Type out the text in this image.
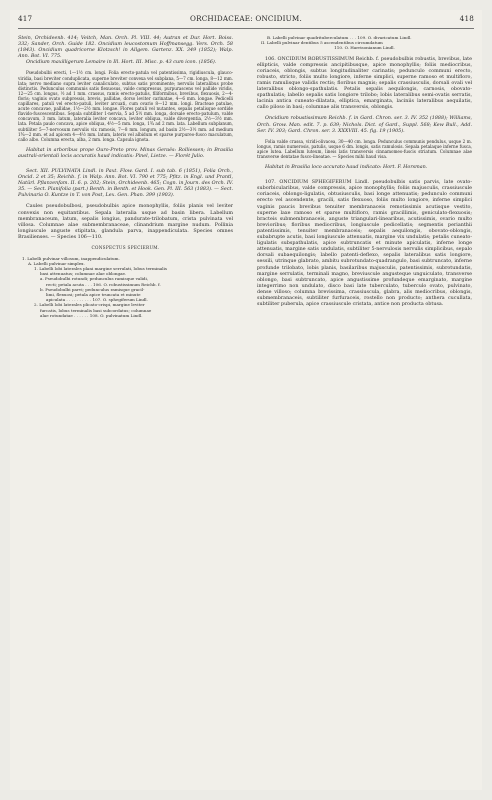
417	ORCHIDACEAE: ONCIDIUM.	418

Stein, Orchideenb. 414; Veitch, Man. Orch. Pl. VIII. 44; Autran et Dur. Hort. Boiss. 332; Sander, Orch. Guide 182. Oncidium leucostomum Hoffmansegg. Vers. Orch. 58 (1843). Oncidium quadricorne Klotzsch! in Allgem. Gartenz. XX. 349 (1852); Walp. Ann. Bot. VI. 775.

Oncidium maxilligerum Lemaire in Ill. Hort. III. Misc. p. 43 cum icon. (1856).

Pseudobulbi erecti, 1—1½ cm. longi. Folia erecto-patula vel patentissima, rigidiuscula, glauco-viridia, basi breviter conduplicata, superne breviter convexa vel subplana, 5—7 cm. longa, 8—12 mm. lata; nervo mediano supra leviter canaliculato, subtus satis prominente; nervulis lateralibus probe distinctis. Pedunculus communis satis flexuosus, valde compressus, purpurascens vel pallide viridis, 12—25 cm. longus, ½ ad 1 mm. crassus, ramis erecto-patulis, filiformibus, brevibus, flexuosis, 2—4-floris; vaginis ovato subpressis, brevis, pallidae, dorso leviter carinatae, 4—6 mm. longae. Pedicelli capillares, patuli vel erecto-patuli, leviter arcuati, cum ovario 8—12 mm. longi. Bracteae patulae, acute concavae, pallidae, 1½—2½ mm. longae. Flores patuli vel nutantes, sepalis petalisque sordide flavido-fuscescentibus. Sepala subtiliter 1-nervia, 5 ad 5½ mm. longa, dorsale erecto-patulum, valde concavum, 3 mm. latum, lateralia leviter concava, leviter obliqua, valde divergentia, 2½—3½ mm. lata. Petala paulo concava, apice obliqua, 4½—5 mm. longa, 1¾ ad 2 mm. lata. Labellum subplanum, subtiliter 5—7-nervosum nervulis vix ramosis, 7—8 mm. longum, ad basin 2½—3½ mm. ad medium 1¾—2 mm. et ad apicem 4—4½ mm. latum, lateris vel albidum et sparse purpureo-fusco maculatum, callo albo. Columna erecta, alba, 2 mm. longa. Capsula ignota.

Habitat in arboribus prope Ouro-Preto prov. Minas Geraës: Rolliessen; in Brasilia australi-orientali locis accuratis haud indicatis: Pinel, Lietze. — Florét Julio.

Sect. XII. PULVINATA Lindl. in Paxt. Flow. Gard. I. sub tab. 6 (1851), Folia Orch., Oncid. 2 et 35; Reichb. f. in Walp. Ann. Bot. VI. 790 et 775; Pfitz. in Engl. und Prantl, Natürl. Pflanzenfam. II. 6. p. 202; Stein, Orchideenb. 465; Cogn. in Journ. des Orch. IV. 35. — Sect. Planifolia (part.) Benth. in Benth. et Hook. Gen. Pl. III. 563 (1883). — Sect. Pulvinaria O. Kuntze in T. von Post, Lex. Gen. Phan. 399 (1903).

Caules pseudobulbosi, pseudobulbis apice monophyllis, foliis planis vel leviter convexis non equitantibus. Sepala lateralia usque ad basin libera. Labellum membranaceum, latum, sepalis longius, pandurate-trilobatum, crista pulvinata vel villosa. Columnae alae submembranaceae, clinandrium margine nudum. Pollinia longiuscule anguste stipitata, glandula parva, inappendiculata. Species omnes Brasilienses. — Species 106—110.

CONSPECTUS SPECIERUM.

1. Labelli pulvinar villosum, inappendiculatum.
A. Labelli pulvinar simplex.
1. Labelli lobi laterales plani margine serrulati, lobus terminalis
basi attenuatus; columnae alae oblongae.
a. Pseudobulbi rotundi; pedunculus ramisque validi,
recti; petala acuta . . . 106. O. robustissimum Reichb. f.
b. Pseudobulbi parvi; pedunculus ramisque gracil-
limi, flexuosi; petala apice truncata et minute
apiculata . . . . . . . . . . 107. O. sphegiferum Lindl.
2. Labelli lobi laterales plicato-crispi, margine leviter
furcatis, lobus terminalis basi subcordatus; columnae
alae rotundatae . . . . . . 108. O. pulvinatum Lindl.
B. Labelli pulvinar quadrituberculatum . . . 109. O. divaricatum Lindl.
II. Labelli pulvinar dentibus 5 ascendentibus circumdatum
110. O. Harrisonianum Lindl.

106. ONCIDIUM ROBUSTISSIMUM Reichb. f. pseudobulbis robustis, brevibus, late ellipticis, valde compressis ancipitibusque, apice monophyllis; foliis mediocribus, coriaceis, oblongis, subtus longitudinaliter carinatis; pedunculo communi erecto, robusto, stricto, foliis multo longiore, inferne simplici, superne ramoso et multifloro, ramis ramulisque validis rectis; floribus magnis; sepalis crassiusculis, dorsali ovali vel lateralibus oblongo-spathulatis. Petalis sepalis aequilongis, carnosis, obovato-spathulatis; labello sepalis satis longiore trilobo; lobis lateralibus semi-ovatis serratis, lacinia antica cuneato-dilatata, elliptica, emarginata, laciniis lateralibus aequilatis, callo piloso in basi; columnae alis transversis, oblongis.

Oncidium robustissimum Reichb. f. in Gard. Chron. ser. 3. IV. 352 (1888); Williams, Orch. Grow. Man. edit. 7. p. 639; Nichols. Dict. of Gard., Suppl. 568; Kew Bull., Add. Ser. IV. 303; Gard. Chron. ser. 3. XXXVIII. 45. fig. 19 (1905).

Folia valde crassa, viridi-olivacea, 30—40 cm. longa. Pedunculus communis pendulus, usque 2 m. longus, ramis numerosis, patulis, usque 6 dm. longis, satis ramulosis. Sepala petalaque inferne fusca, apice lutea. Labellum luteum, lineis latis transversis cinnamomeo-fuscis striatum. Columnae alae transverse dentatae fusco-lineatae. — Species mihi haud visa.

Habitat in Brasilia loco accurato haud indicato: Hort. F. Horsman.

107. ONCIDIUM SPHEGIFERUM Lindl. pseudobulbis satis parvis, late ovato-suborbicularibus, valde compressis, apice monophyllis; foliis majusculis, crassiuscule coriaceis, oblongo-ligulatis, obtusiusculis, basi longe attenuatis; pedunculo communi erecto vel ascendente, gracili, satis flexuoso, foliis multo longiore, inferne simplici vaginis paucis brevibus tenuiter membranaceis remotissimis acutisque vestito, superne laxe ramoso et sparse multifloro, ramis gracillimis, geniculato-flexuosis; bracteis submembranaceis, anguste triangulari-linearibus, acutissimis, ovario multo brevioribus; floribus mediocribus, longiuscule pedicellatis; segmentis perianthii patentissimis, tenuiter membranaceis; sepalis aequilongis, obovato-oblongis, subabrupte acutis, basi longiuscule attenuatis, margine vix undulatis; petalis cuneato-ligulatis subspathulatis, apice subtruncatis et minute apiculatis, inferne longe attenuatis, margine satis undulatis, subtiliter 5-nervulosis nervulis simplicibus, sepalo dorsali subaequilongis; labello patenti-deflexo, sepalis lateralibus satis longiore, sessili, utrinque glabrato, ambitu subrotundato-quadrangulo, basi subtruncato, inferne profunde trilobato, lobis planis, basilaribus majusculis, patentissimis, subrotundatis, margine serrulatis, terminali magno, breviuscule angusteque unguiculato, transverse oblongo, basi subtruncato, apice angustissime profundeque emarginato, margine integerrimo non undulato, disco basi late tuberculato, tuberculo ovato, pulvinato, dense villoso; columna brevissima, crassiuscula, glabra, alis mediocribus, oblongis, submembranaceis, subtiliter furfuraceis, rostello non producto; anthera cucullata, subtiliter puberula, apice crassiuscule cristata, antice non producta obtusa.
